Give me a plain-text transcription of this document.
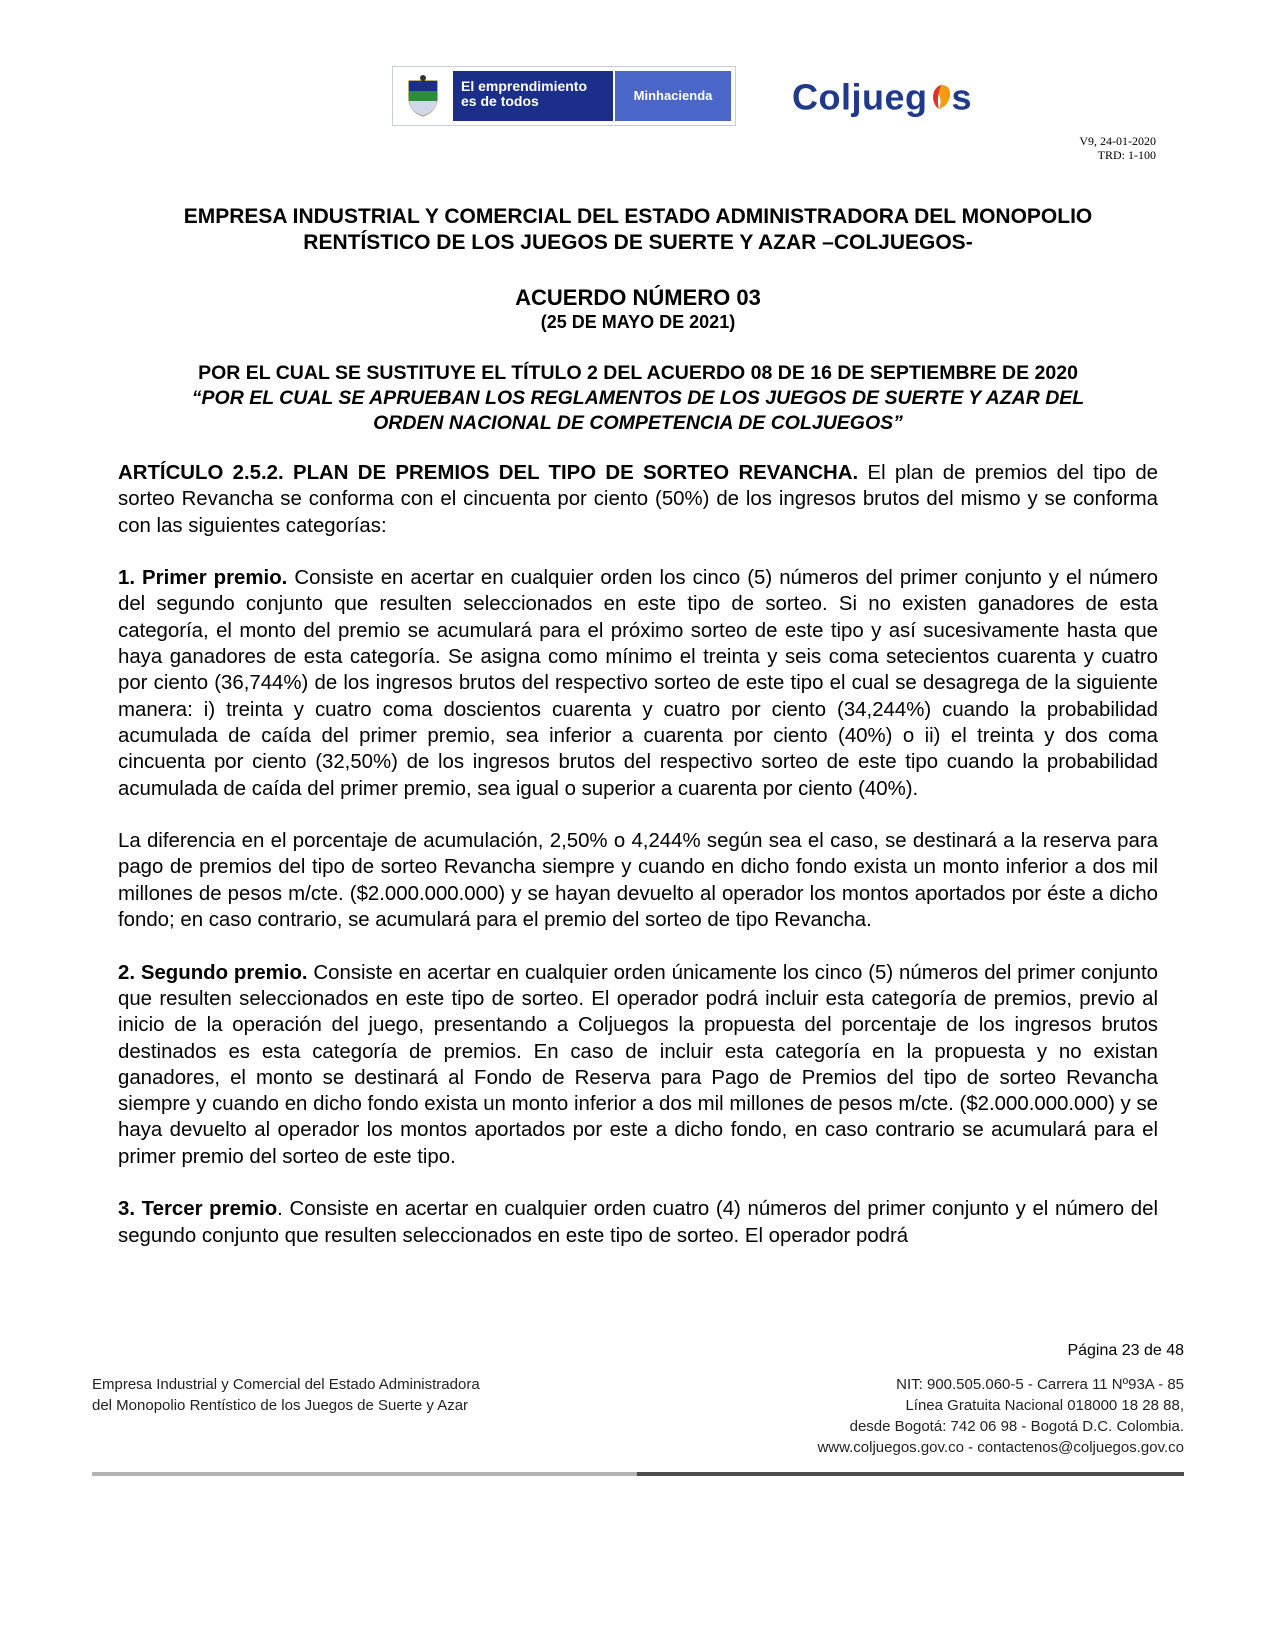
El emprendimiento
es de todos	Minhacienda	Coljueg s
V9, 24-01-2020
TRD: 1-100
EMPRESA INDUSTRIAL Y COMERCIAL DEL ESTADO ADMINISTRADORA DEL MONOPOLIO
RENTÍSTICO DE LOS JUEGOS DE SUERTE Y AZAR –COLJUEGOS-
ACUERDO NÚMERO 03
(25 DE MAYO DE 2021)
POR EL CUAL SE SUSTITUYE EL TÍTULO 2 DEL ACUERDO 08 DE 16 DE SEPTIEMBRE DE 2020
“POR EL CUAL SE APRUEBAN LOS REGLAMENTOS DE LOS JUEGOS DE SUERTE Y AZAR DEL
ORDEN NACIONAL DE COMPETENCIA DE COLJUEGOS”

ARTÍCULO 2.5.2. PLAN DE PREMIOS DEL TIPO DE SORTEO REVANCHA. El plan de premios del tipo de sorteo Revancha se conforma con el cincuenta por ciento (50%) de los ingresos brutos del mismo y se conforma con las siguientes categorías:

1. Primer premio. Consiste en acertar en cualquier orden los cinco (5) números del primer conjunto y el número del segundo conjunto que resulten seleccionados en este tipo de sorteo. Si no existen ganadores de esta categoría, el monto del premio se acumulará para el próximo sorteo de este tipo y así sucesivamente hasta que haya ganadores de esta categoría. Se asigna como mínimo el treinta y seis coma setecientos cuarenta y cuatro por ciento (36,744%) de los ingresos brutos del respectivo sorteo de este tipo el cual se desagrega de la siguiente manera: i) treinta y cuatro coma doscientos cuarenta y cuatro por ciento (34,244%) cuando la probabilidad acumulada de caída del primer premio, sea inferior a cuarenta por ciento (40%) o ii) el treinta y dos coma cincuenta por ciento (32,50%) de los ingresos brutos del respectivo sorteo de este tipo cuando la probabilidad acumulada de caída del primer premio, sea igual o superior a cuarenta por ciento (40%).

La diferencia en el porcentaje de acumulación, 2,50% o 4,244% según sea el caso, se destinará a la reserva para pago de premios del tipo de sorteo Revancha siempre y cuando en dicho fondo exista un monto inferior a dos mil millones de pesos m/cte. ($2.000.000.000) y se hayan devuelto al operador los montos aportados por éste a dicho fondo; en caso contrario, se acumulará para el premio del sorteo de tipo Revancha.

2. Segundo premio. Consiste en acertar en cualquier orden únicamente los cinco (5) números del primer conjunto que resulten seleccionados en este tipo de sorteo. El operador podrá incluir esta categoría de premios, previo al inicio de la operación del juego, presentando a Coljuegos la propuesta del porcentaje de los ingresos brutos destinados es esta categoría de premios. En caso de incluir esta categoría en la propuesta y no existan ganadores, el monto se destinará al Fondo de Reserva para Pago de Premios del tipo de sorteo Revancha siempre y cuando en dicho fondo exista un monto inferior a dos mil millones de pesos m/cte. ($2.000.000.000) y se haya devuelto al operador los montos aportados por este a dicho fondo, en caso contrario se acumulará para el primer premio del sorteo de este tipo.

3. Tercer premio. Consiste en acertar en cualquier orden cuatro (4) números del primer conjunto y el número del segundo conjunto que resulten seleccionados en este tipo de sorteo. El operador podrá

Página 23 de 48
Empresa Industrial y Comercial del Estado Administradora
del Monopolio Rentístico de los Juegos de Suerte y Azar
NIT: 900.505.060-5 - Carrera 11 Nº93A - 85
Línea Gratuita Nacional 018000 18 28 88,
desde Bogotá: 742 06 98 - Bogotá D.C. Colombia.
www.coljuegos.gov.co - contactenos@coljuegos.gov.co
